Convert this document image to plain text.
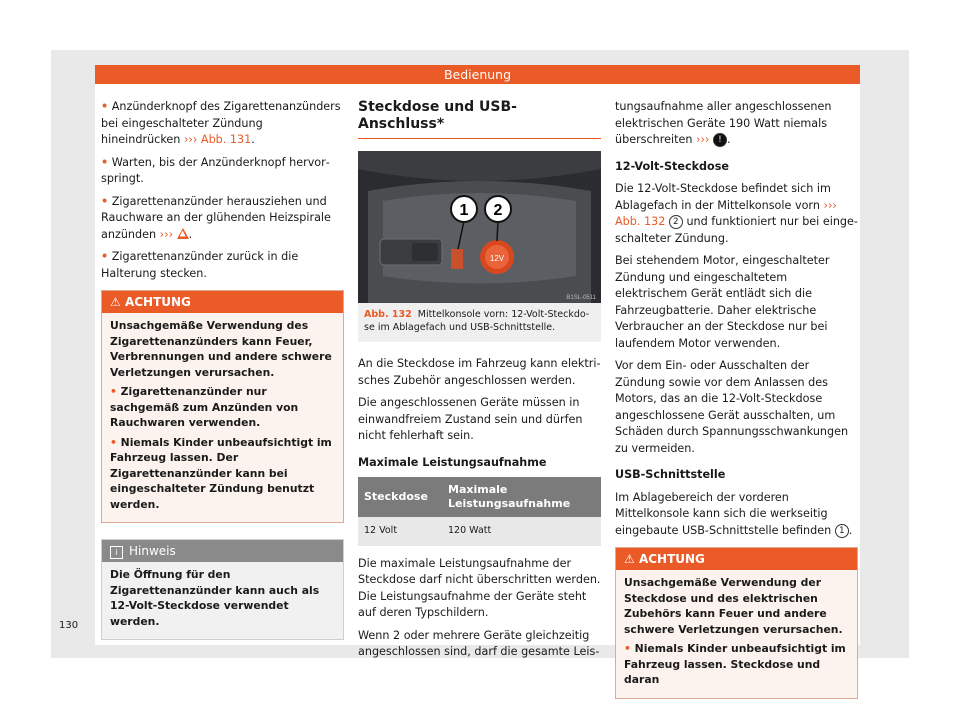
Bedienung

• Anzünderknopf des Zigarettenanzünders bei eingeschalteter Zündung hineindrücken ››› Abb. 131.

• Warten, bis der Anzünderknopf hervorspringt.

• Zigarettenanzünder herausziehen und Rauchware an der glühenden Heizspirale anzünden ››› .

• Zigarettenanzünder zurück in die Halterung stecken.

⚠ ACHTUNG

Unsachgemäße Verwendung des Zigarettenanzünders kann Feuer, Verbrennungen und andere schwere Verletzungen verursachen.

• Zigarettenanzünder nur sachgemäß zum Anzünden von Rauchwaren verwenden.

• Niemals Kinder unbeaufsichtigt im Fahrzeug lassen. Der Zigarettenanzünder kann bei eingeschalteter Zündung benutzt werden.

i Hinweis

Die Öffnung für den Zigarettenanzünder kann auch als 12-Volt-Steckdose verwendet werden.

Steckdose und USB-Anschluss*
12V
1 2
B1SL-0511
Abb. 132 Mittelkonsole vorn: 12-Volt-Steckdose im Ablagefach und USB-Schnittstelle.

An die Steckdose im Fahrzeug kann elektrisches Zubehör angeschlossen werden.

Die angeschlossenen Geräte müssen in einwandfreiem Zustand sein und dürfen nicht fehlerhaft sein.

Maximale Leistungsaufnahme
Steckdose	Maximale Leistungsaufnahme
12 Volt	120 Watt

Die maximale Leistungsaufnahme der Steckdose darf nicht überschritten werden. Die Leistungsaufnahme der Geräte steht auf deren Typschildern.

Wenn 2 oder mehrere Geräte gleichzeitig angeschlossen sind, darf die gesamte Leis-

tungsaufnahme aller angeschlossenen elektrischen Geräte 190 Watt niemals überschreiten ››› ! .

12-Volt-Steckdose

Die 12-Volt-Steckdose befindet sich im Ablagefach in der Mittelkonsole vorn ››› Abb. 132 2 und funktioniert nur bei eingeschalteter Zündung.

Bei stehendem Motor, eingeschalteter Zündung und eingeschaltetem elektrischem Gerät entlädt sich die Fahrzeugbatterie. Daher elektrische Verbraucher an der Steckdose nur bei laufendem Motor verwenden.

Vor dem Ein- oder Ausschalten der Zündung sowie vor dem Anlassen des Motors, das an die 12-Volt-Steckdose angeschlossene Gerät ausschalten, um Schäden durch Spannungsschwankungen zu vermeiden.

USB-Schnittstelle

Im Ablagebereich der vorderen Mittelkonsole kann sich die werkseitig eingebaute USB-Schnittstelle befinden 1 .

⚠ ACHTUNG

Unsachgemäße Verwendung der Steckdose und des elektrischen Zubehörs kann Feuer und andere schwere Verletzungen verursachen.

• Niemals Kinder unbeaufsichtigt im Fahrzeug lassen. Steckdose und daran

130
